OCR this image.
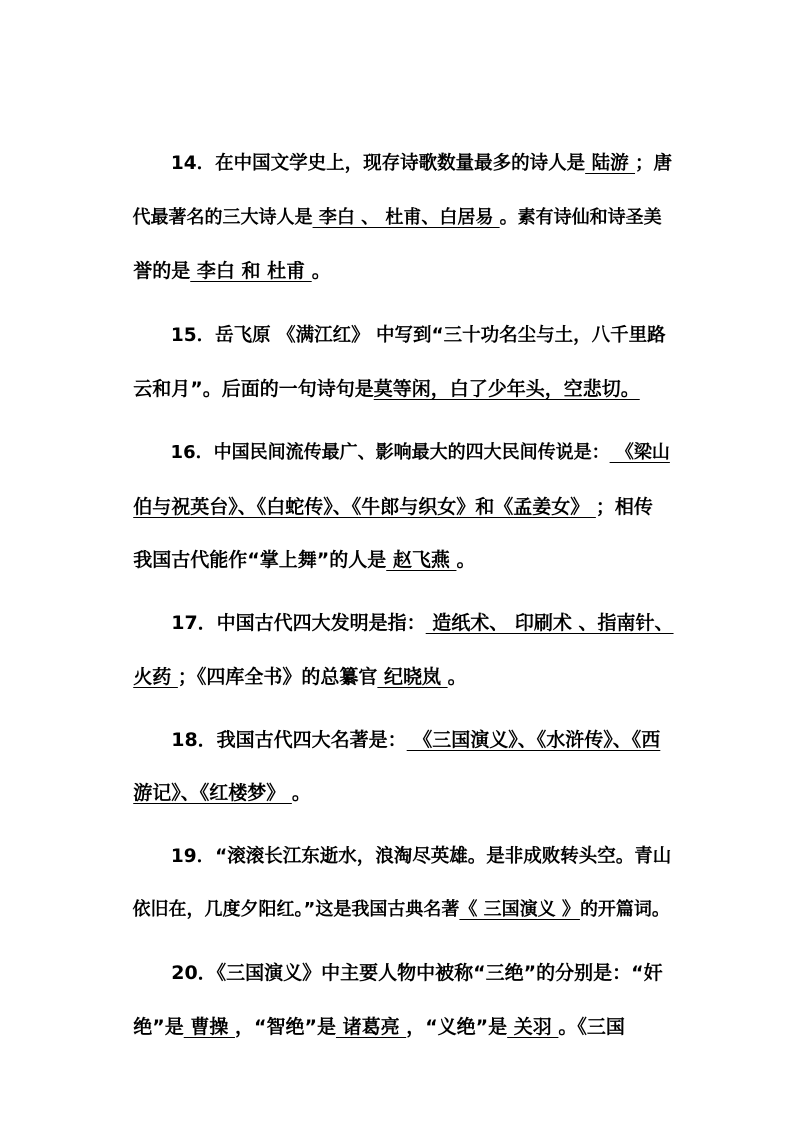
14．在中国文学史上，现存诗歌数量最多的诗人是 陆游 ；唐

代最著名的三大诗人是 李白 、 杜甫、白居易 。素有诗仙和诗圣美

誉的是 李白 和 杜甫 。

15．岳飞原 《满江红》 中写到“三十功名尘与土，八千里路

云和月”。后面的一句诗句是莫等闲，白了少年头，空悲切。

16．中国民间流传最广、影响最大的四大民间传说是： 《梁山

伯与祝英台》、《白蛇传》、《牛郎与织女》和《孟姜女》 ；相传

我国古代能作“掌上舞”的人是 赵飞燕 。

17．中国古代四大发明是指： 造纸术、 印刷术 、指南针、

火药 ；《四库全书》的总纂官 纪晓岚 。

18．我国古代四大名著是： 《三国演义》、《水浒传》、《西

游记》、《红楼梦》 。

19．“滚滚长江东逝水，浪淘尽英雄。是非成败转头空。青山

依旧在，几度夕阳红。”这是我国古典名著《 三国演义 》的开篇词。

20．《三国演义》中主要人物中被称“三绝”的分别是：“奸

绝”是 曹操 ，“智绝”是 诸葛亮 ，“义绝”是 关羽 。《三国
